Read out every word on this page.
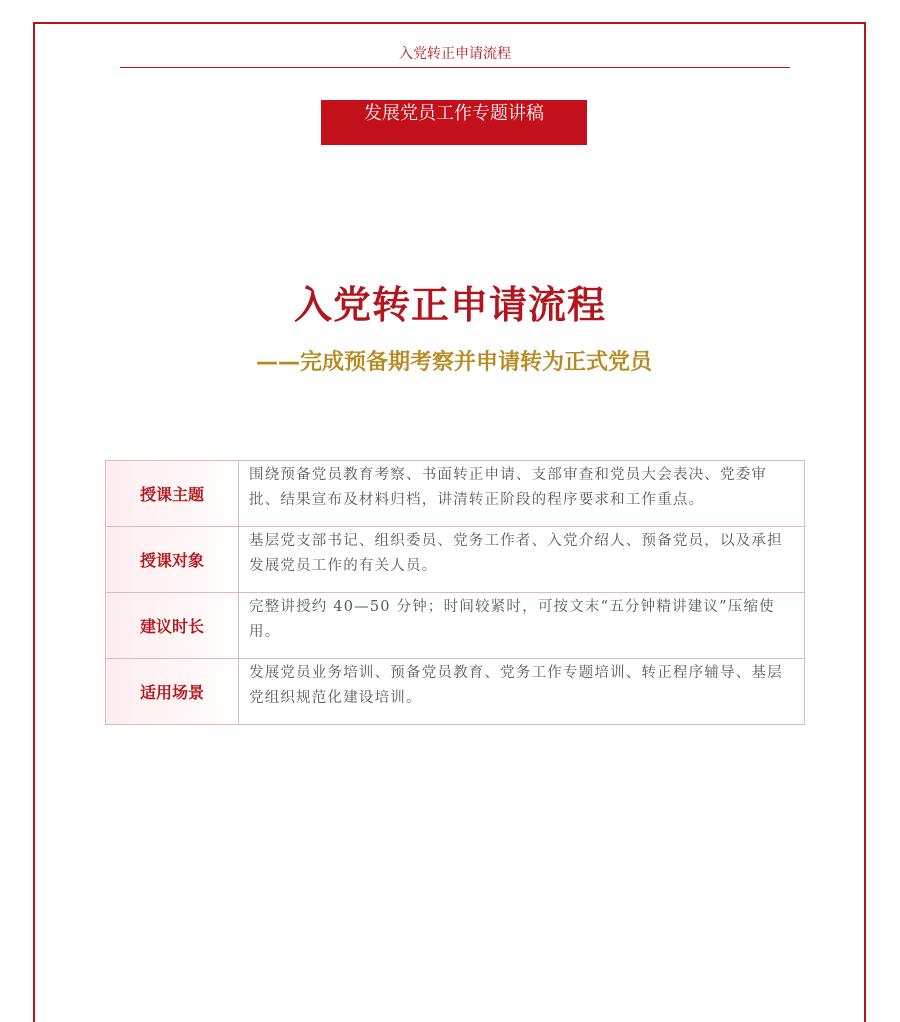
入党转正申请流程
发展党员工作专题讲稿
入党转正申请流程
——完成预备期考察并申请转为正式党员
授课主题	围绕预备党员教育考察、书面转正申请、支部审查和党员大会表决、党委审批、结果宣布及材料归档，讲清转正阶段的程序要求和工作重点。
授课对象	基层党支部书记、组织委员、党务工作者、入党介绍人、预备党员，以及承担发展党员工作的有关人员。
建议时长	完整讲授约 40—50 分钟；时间较紧时，可按文末“五分钟精讲建议”压缩使用。
适用场景	发展党员业务培训、预备党员教育、党务工作专题培训、转正程序辅导、基层党组织规范化建设培训。
